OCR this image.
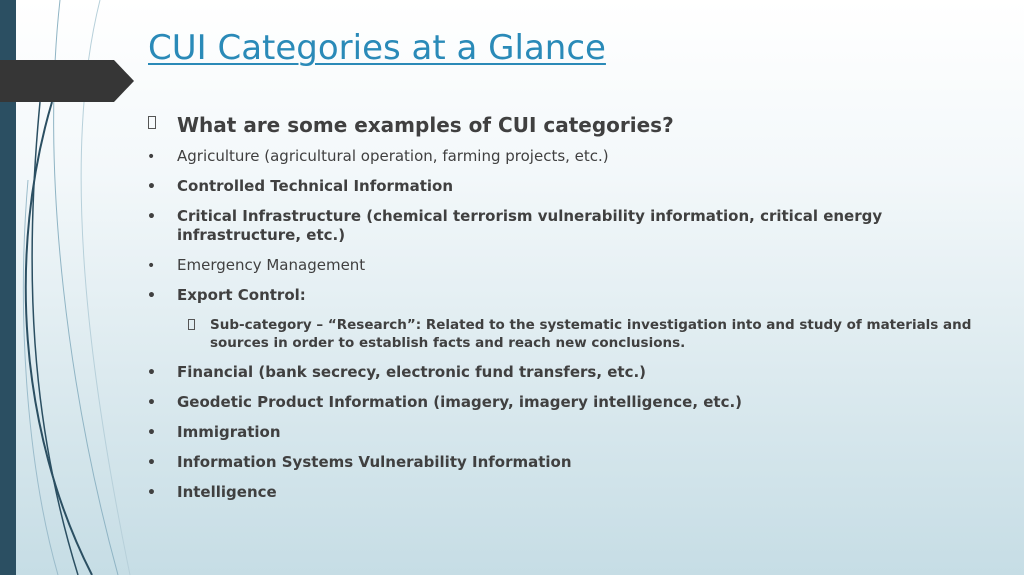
CUI Categories at a Glance
What are some examples of CUI categories?
• Agriculture (agricultural operation, farming projects, etc.)
• Controlled Technical Information
• Critical Infrastructure (chemical terrorism vulnerability information, critical energy infrastructure, etc.)
• Emergency Management
• Export Control:
Sub-category – “Research”: Related to the systematic investigation into and study of materials and sources in order to establish facts and reach new conclusions.
• Financial (bank secrecy, electronic fund transfers, etc.)
• Geodetic Product Information (imagery, imagery intelligence, etc.)
• Immigration
• Information Systems Vulnerability Information
• Intelligence
